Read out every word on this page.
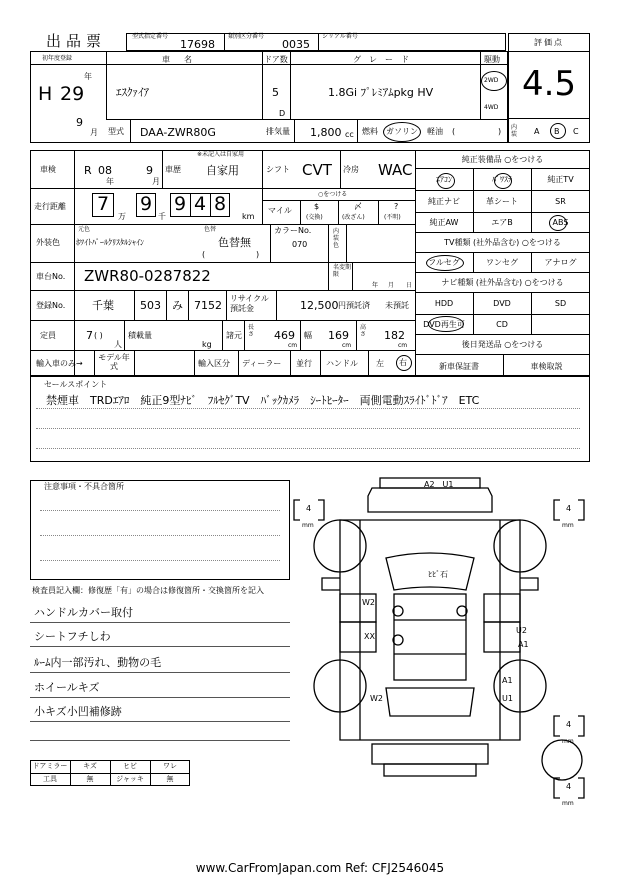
出品票	型式指定番号
17698
類別区分番号
0035
シリアル番号
評価点
4.5
初年度登録
H 29
年
9
月
車名
ｴｽｸｧｲｱ
ドア数
5
D
グレード
1.8Gi ﾌﾟﾚﾐｱﾑpkg HV
駆動
2WD
4WD
型式 DAA-ZWR80G	排気量 1,800 cc 燃料 ガソリン 軽油 (	) 内装	A B C
車検	R 08
年
9
月
車歴
※未記入は自家用
自家用	シフト CVT 冷房 WAC
走行距離 7
万
9
千
9 4 8
km
○をつける
マイル	$
(交換)
〆
(改ざん)
?
(不明)
外装色
元色
ﾎﾜｲﾄﾊﾟｰﾙｸﾘｽﾀﾙｼｬｲﾝ
色替
色替無
(	)
カラーNo.
070
内装色
車台No. ZWR80-0287822	名変期限
年 月 日
登録No. 千葉 503 み 7152
リサイクル預託金	12,500 円預託済 未預託
定員	7 ( )
人
積載量
kg
諸元
長さ 469
cm
幅 169
cm
高さ 182
cm
輸入車のみ→
モデル年式	輸入区分 ディーラー 並行 ハンドル 左 右
純正装備品 ○をつける
ｴｱｺﾝ	ﾊﾟﾜｽﾃ	純正TV
純正ナビ	革シート	SR
純正AW	エアB	ABS
TV種類 (社外品含む) ○をつける
フルセグ	ワンセグ	アナログ
ナビ種類 (社外品含む) ○をつける
HDD	DVD	SD
DVD再生可	CD
後日発送品 ○をつける
新車保証書	車検取説
セールスポイント
禁煙車　TRDｴｱﾛ　純正9型ﾅﾋﾞ　ﾌﾙｾｸﾞTV　ﾊﾞｯｸｶﾒﾗ　ｼｰﾄﾋｰﾀｰ　両側電動ｽﾗｲﾄﾞﾄﾞｱ　ETC
注意事項・不具合箇所
検査員記入欄：修復歴「有」の場合は修復箇所・交換箇所を記入
ハンドルカバー取付
シートフチしわ
ﾙｰﾑ内一部汚れ、動物の毛
ホイールキズ
小キズ小凹補修跡
ドアミラー	キズ	ヒビ	ワレ
工具	無	ジャッキ	無
A2　U1
ﾋﾋﾞ石
W2
XX
U2
A1
W2
A1
U1
4
mm
4
mm
4
mm
4
mm
www.CarFromJapan.com Ref: CFJ2546045
